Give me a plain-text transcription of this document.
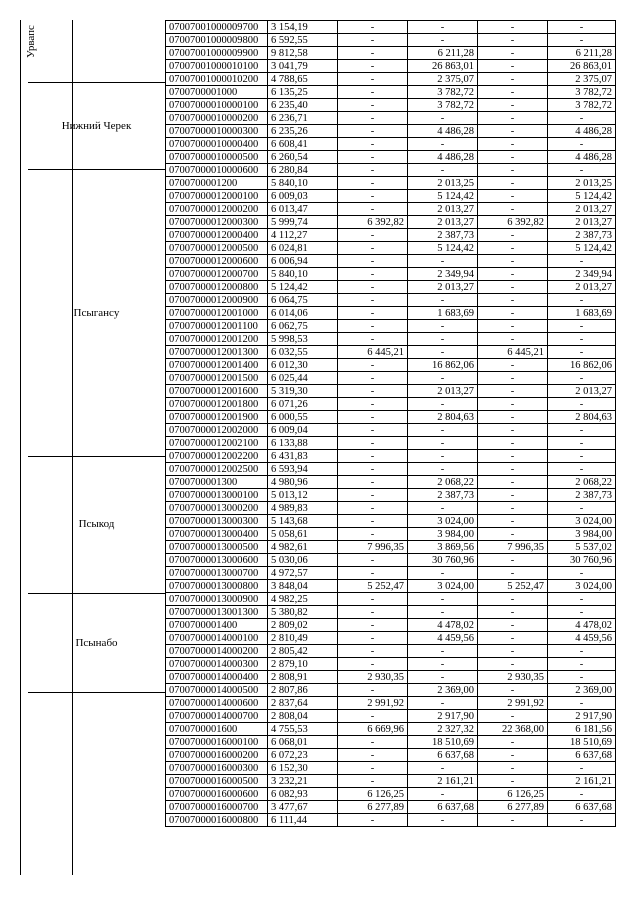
Урвапс
Нижний Черек
Псыганcу
Псыкод
Псынабо
07007001000009700	3 154,19	-	-	-	-
07007001000009800	6 592,55	-	-	-	-
07007001000009900	9 812,58	-	6 211,28	-	6 211,28
07007001000010100	3 041,79	-	26 863,01	-	26 863,01
07007001000010200	4 788,65	-	2 375,07	-	2 375,07
0700700001000	6 135,25	-	3 782,72	-	3 782,72
07007000010000100	6 235,40	-	3 782,72	-	3 782,72
07007000010000200	6 236,71	-	-	-	-
07007000010000300	6 235,26	-	4 486,28	-	4 486,28
07007000010000400	6 608,41	-	-	-	-
07007000010000500	6 260,54	-	4 486,28	-	4 486,28
07007000010000600	6 280,84	-	-	-	-
0700700001200	5 840,10	-	2 013,25	-	2 013,25
07007000012000100	6 009,03	-	5 124,42	-	5 124,42
07007000012000200	6 013,47	-	2 013,27	-	2 013,27
07007000012000300	5 999,74	6 392,82	2 013,27	6 392,82	2 013,27
07007000012000400	4 112,27	-	2 387,73	-	2 387,73
07007000012000500	6 024,81	-	5 124,42	-	5 124,42
07007000012000600	6 006,94	-	-	-	-
07007000012000700	5 840,10	-	2 349,94	-	2 349,94
07007000012000800	5 124,42	-	2 013,27	-	2 013,27
07007000012000900	6 064,75	-	-	-	-
07007000012001000	6 014,06	-	1 683,69	-	1 683,69
07007000012001100	6 062,75	-	-	-	-
07007000012001200	5 998,53	-	-	-	-
07007000012001300	6 032,55	6 445,21	-	6 445,21	-
07007000012001400	6 012,30	-	16 862,06	-	16 862,06
07007000012001500	6 025,44	-	-	-	-
07007000012001600	5 319,30	-	2 013,27	-	2 013,27
07007000012001800	6 071,26	-	-	-	-
07007000012001900	6 000,55	-	2 804,63	-	2 804,63
07007000012002000	6 009,04	-	-	-	-
07007000012002100	6 133,88	-	-	-	-
07007000012002200	6 431,83	-	-	-	-
07007000012002500	6 593,94	-	-	-	-
0700700001300	4 980,96	-	2 068,22	-	2 068,22
07007000013000100	5 013,12	-	2 387,73	-	2 387,73
07007000013000200	4 989,83	-	-	-	-
07007000013000300	5 143,68	-	3 024,00	-	3 024,00
07007000013000400	5 058,61	-	3 984,00	-	3 984,00
07007000013000500	4 982,61	7 996,35	3 869,56	7 996,35	5 537,02
07007000013000600	5 030,06	-	30 760,96	-	30 760,96
07007000013000700	4 972,57	-	-	-	-
07007000013000800	3 848,04	5 252,47	3 024,00	5 252,47	3 024,00
07007000013000900	4 982,25	-	-	-	-
07007000013001300	5 380,82	-	-	-	-
0700700001400	2 809,02	-	4 478,02	-	4 478,02
07007000014000100	2 810,49	-	4 459,56	-	4 459,56
07007000014000200	2 805,42	-	-	-	-
07007000014000300	2 879,10	-	-	-	-
07007000014000400	2 808,91	2 930,35	-	2 930,35	-
07007000014000500	2 807,86	-	2 369,00	-	2 369,00
07007000014000600	2 837,64	2 991,92	-	2 991,92	-
07007000014000700	2 808,04	-	2 917,90	-	2 917,90
0700700001600	4 755,53	6 669,96	2 327,32	22 368,00	6 181,56
07007000016000100	6 068,01	-	18 510,69	-	18 510,69
07007000016000200	6 072,23	-	6 637,68	-	6 637,68
07007000016000300	6 152,30	-	-	-	-
07007000016000500	3 232,21	-	2 161,21	-	2 161,21
07007000016000600	6 082,93	6 126,25	-	6 126,25	-
07007000016000700	3 477,67	6 277,89	6 637,68	6 277,89	6 637,68
07007000016000800	6 111,44	-	-	-	-
